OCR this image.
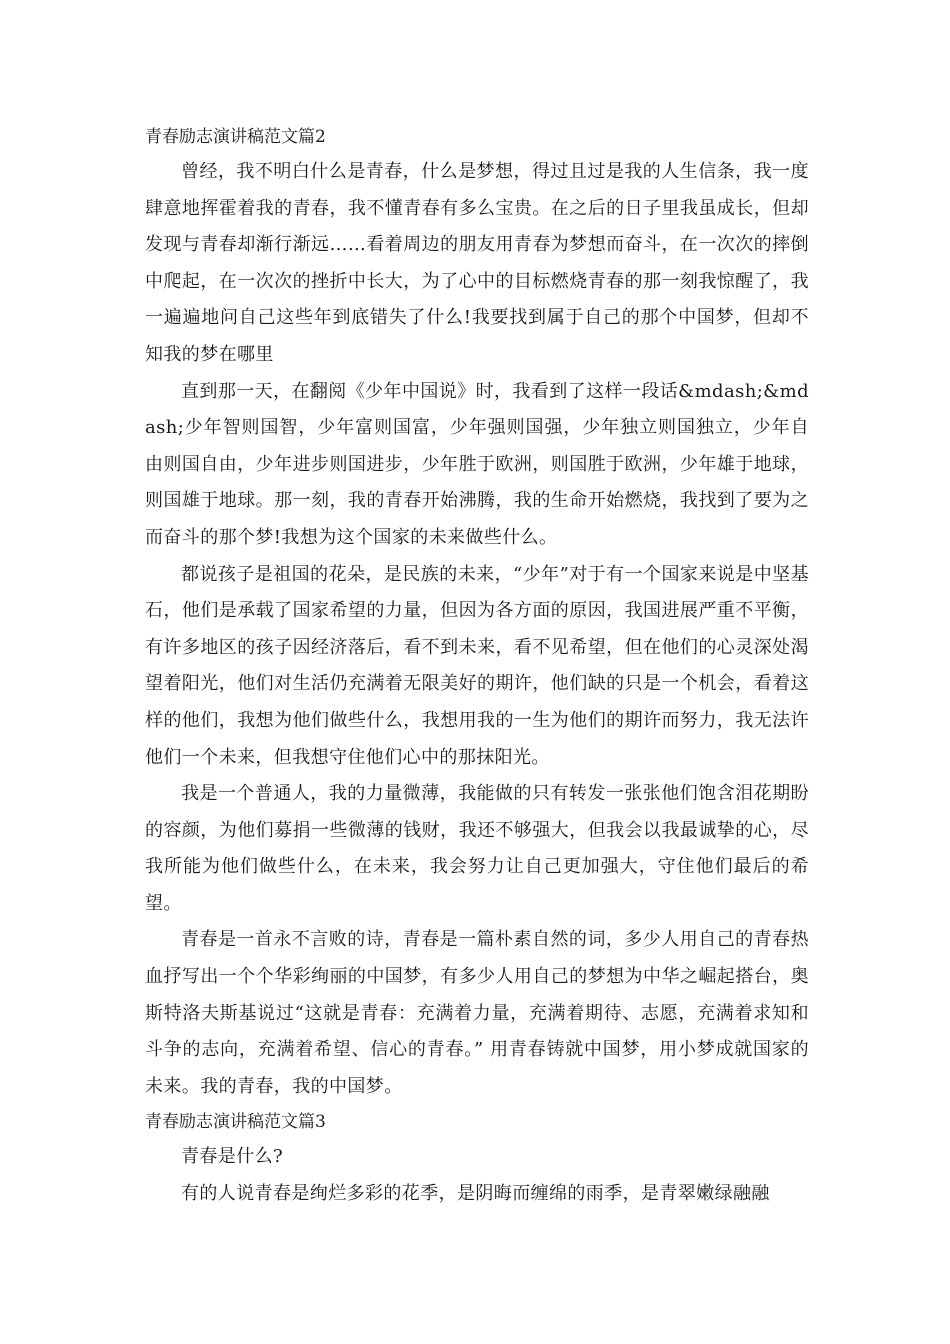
青春励志演讲稿范文篇2

曾经，我不明白什么是青春，什么是梦想，得过且过是我的人生信条，我一度肆意地挥霍着我的青春，我不懂青春有多么宝贵。在之后的日子里我虽成长，但却发现与青春却渐行渐远……看着周边的朋友用青春为梦想而奋斗，在一次次的摔倒中爬起，在一次次的挫折中长大，为了心中的目标燃烧青春的那一刻我惊醒了，我一遍遍地问自己这些年到底错失了什么!我要找到属于自己的那个中国梦，但却不知我的梦在哪里

直到那一天，在翻阅《少年中国说》时，我看到了这样一段话&mdash;&mdash;少年智则国智，少年富则国富，少年强则国强，少年独立则国独立，少年自由则国自由，少年进步则国进步，少年胜于欧洲，则国胜于欧洲，少年雄于地球，则国雄于地球。那一刻，我的青春开始沸腾，我的生命开始燃烧，我找到了要为之而奋斗的那个梦!我想为这个国家的未来做些什么。

都说孩子是祖国的花朵，是民族的未来，“少年”对于有一个国家来说是中坚基石，他们是承载了国家希望的力量，但因为各方面的原因，我国进展严重不平衡，有许多地区的孩子因经济落后，看不到未来，看不见希望，但在他们的心灵深处渴望着阳光，他们对生活仍充满着无限美好的期许，他们缺的只是一个机会，看着这样的他们，我想为他们做些什么，我想用我的一生为他们的期许而努力，我无法许他们一个未来，但我想守住他们心中的那抹阳光。

我是一个普通人，我的力量微薄，我能做的只有转发一张张他们饱含泪花期盼的容颜，为他们募捐一些微薄的钱财，我还不够强大，但我会以我最诚挚的心，尽我所能为他们做些什么，在未来，我会努力让自己更加强大，守住他们最后的希望。

青春是一首永不言败的诗，青春是一篇朴素自然的词，多少人用自己的青春热血抒写出一个个华彩绚丽的中国梦，有多少人用自己的梦想为中华之崛起搭台，奥斯特洛夫斯基说过“这就是青春：充满着力量，充满着期待、志愿，充满着求知和斗争的志向，充满着希望、信心的青春。” 用青春铸就中国梦，用小梦成就国家的未来。我的青春，我的中国梦。

青春励志演讲稿范文篇3

青春是什么?

有的人说青春是绚烂多彩的花季，是阴晦而缠绵的雨季，是青翠嫩绿融融
